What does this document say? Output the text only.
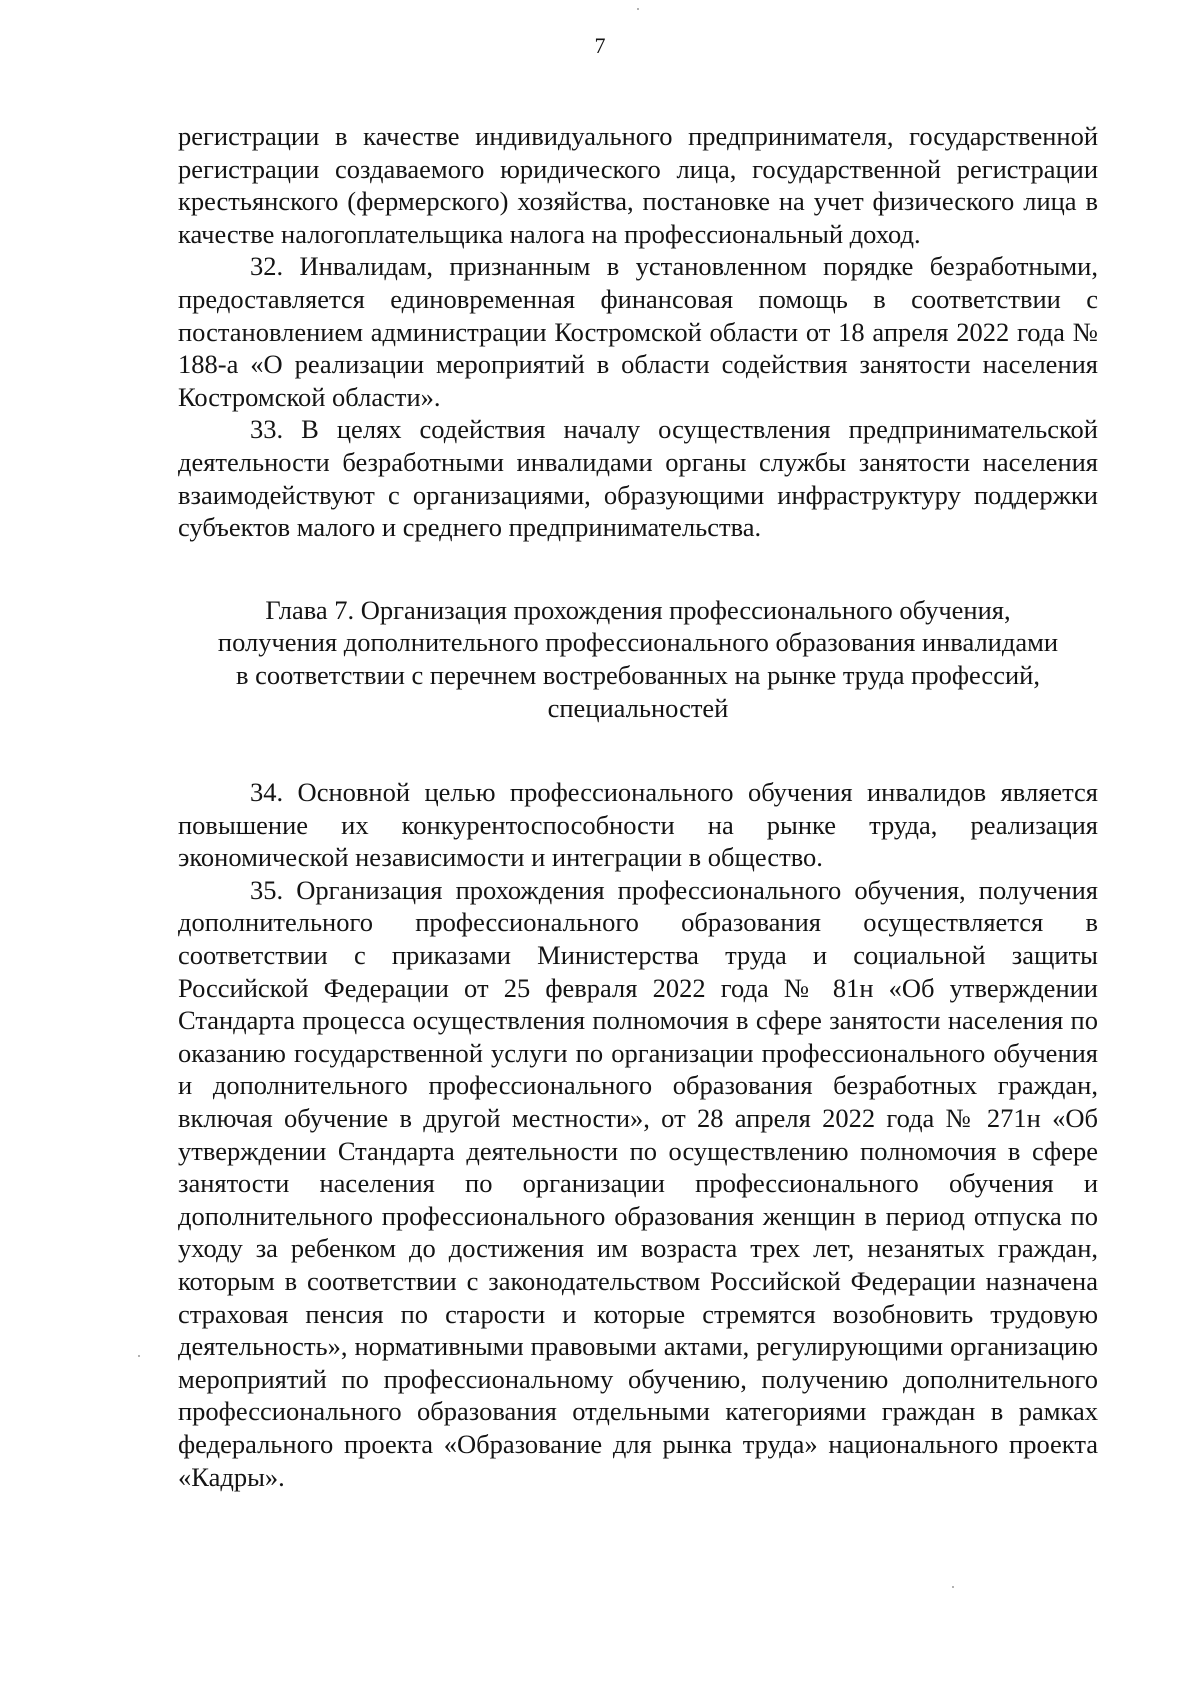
7

регистрации в качестве индивидуального предпринимателя, государственной регистрации создаваемого юридического лица, государственной регистрации крестьянского (фермерского) хозяйства, постановке на учет физического лица в качестве налогоплательщика налога на профессиональный доход.

32. Инвалидам, признанным в установленном порядке безработными, предоставляется единовременная финансовая помощь в соответствии с постановлением администрации Костромской области от 18 апреля 2022 года № 188-а «О реализации мероприятий в области содействия занятости населения Костромской области».

33. В целях содействия началу осуществления предпринимательской деятельности безработными инвалидами органы службы занятости населения взаимодействуют с организациями, образующими инфраструктуру поддержки субъектов малого и среднего предпринимательства.

Глава 7. Организация прохождения профессионального обучения,
получения дополнительного профессионального образования инвалидами
в соответствии с перечнем востребованных на рынке труда профессий,
специальностей

34. Основной целью профессионального обучения инвалидов является повышение их конкурентоспособности на рынке труда, реализация экономической независимости и интеграции в общество.

35. Организация прохождения профессионального обучения, получения дополнительного профессионального образования осуществляется в соответствии с приказами Министерства труда и социальной защиты Российской Федерации от 25 февраля 2022 года № 81н «Об утверждении Стандарта процесса осуществления полномочия в сфере занятости населения по оказанию государственной услуги по организации профессионального обучения и дополнительного профессионального образования безработных граждан, включая обучение в другой местности», от 28 апреля 2022 года № 271н «Об утверждении Стандарта деятельности по осуществлению полномочия в сфере занятости населения по организации профессионального обучения и дополнительного профессионального образования женщин в период отпуска по уходу за ребенком до достижения им возраста трех лет, незанятых граждан, которым в соответствии с законодательством Российской Федерации назначена страховая пенсия по старости и которые стремятся возобновить трудовую деятельность», нормативными правовыми актами, регулирующими организацию мероприятий по профессиональному обучению, получению дополнительного профессионального образования отдельными категориями граждан в рамках федерального проекта «Образование для рынка труда» национального проекта «Кадры».
